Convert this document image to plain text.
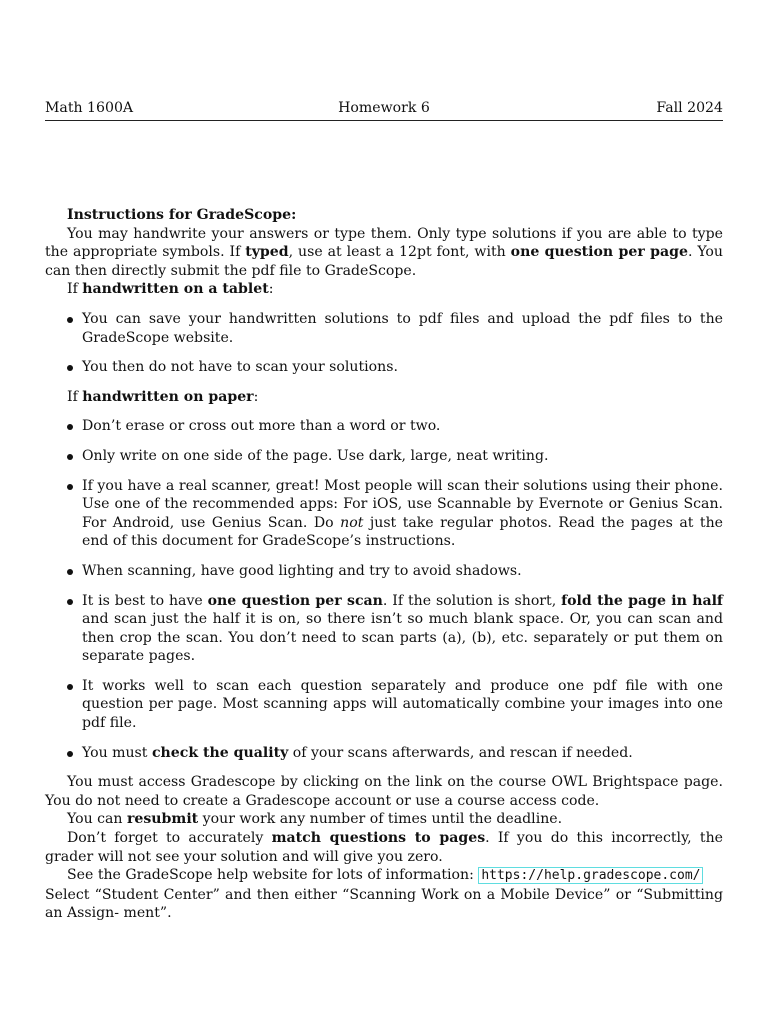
Math 1600A	Homework 6	Fall 2024

Instructions for GradeScope:

You may handwrite your answers or type them. Only type solutions if you are able to type the appropriate symbols. If typed, use at least a 12pt font, with one question per page. You can then directly submit the pdf file to GradeScope.

If handwritten on a tablet:

You can save your handwritten solutions to pdf files and upload the pdf files to the GradeScope website.
You then do not have to scan your solutions.

If handwritten on paper:

Don’t erase or cross out more than a word or two.
Only write on one side of the page. Use dark, large, neat writing.
If you have a real scanner, great! Most people will scan their solutions using their phone. Use one of the recommended apps: For iOS, use Scannable by Evernote or Genius Scan. For Android, use Genius Scan. Do not just take regular photos. Read the pages at the end of this document for GradeScope’s instructions.
When scanning, have good lighting and try to avoid shadows.
It is best to have one question per scan. If the solution is short, fold the page in half and scan just the half it is on, so there isn’t so much blank space. Or, you can scan and then crop the scan. You don’t need to scan parts (a), (b), etc. separately or put them on separate pages.
It works well to scan each question separately and produce one pdf file with one question per page. Most scanning apps will automatically combine your images into one pdf file.
You must check the quality of your scans afterwards, and rescan if needed.

You must access Gradescope by clicking on the link on the course OWL Brightspace page. You do not need to create a Gradescope account or use a course access code.

You can resubmit your work any number of times until the deadline.

Don’t forget to accurately match questions to pages. If you do this incorrectly, the grader will not see your solution and will give you zero.

See the GradeScope help website for lots of information: https://help.gradescope.com/

Select “Student Center” and then either “Scanning Work on a Mobile Device” or “Submitting an Assign- ment”.
